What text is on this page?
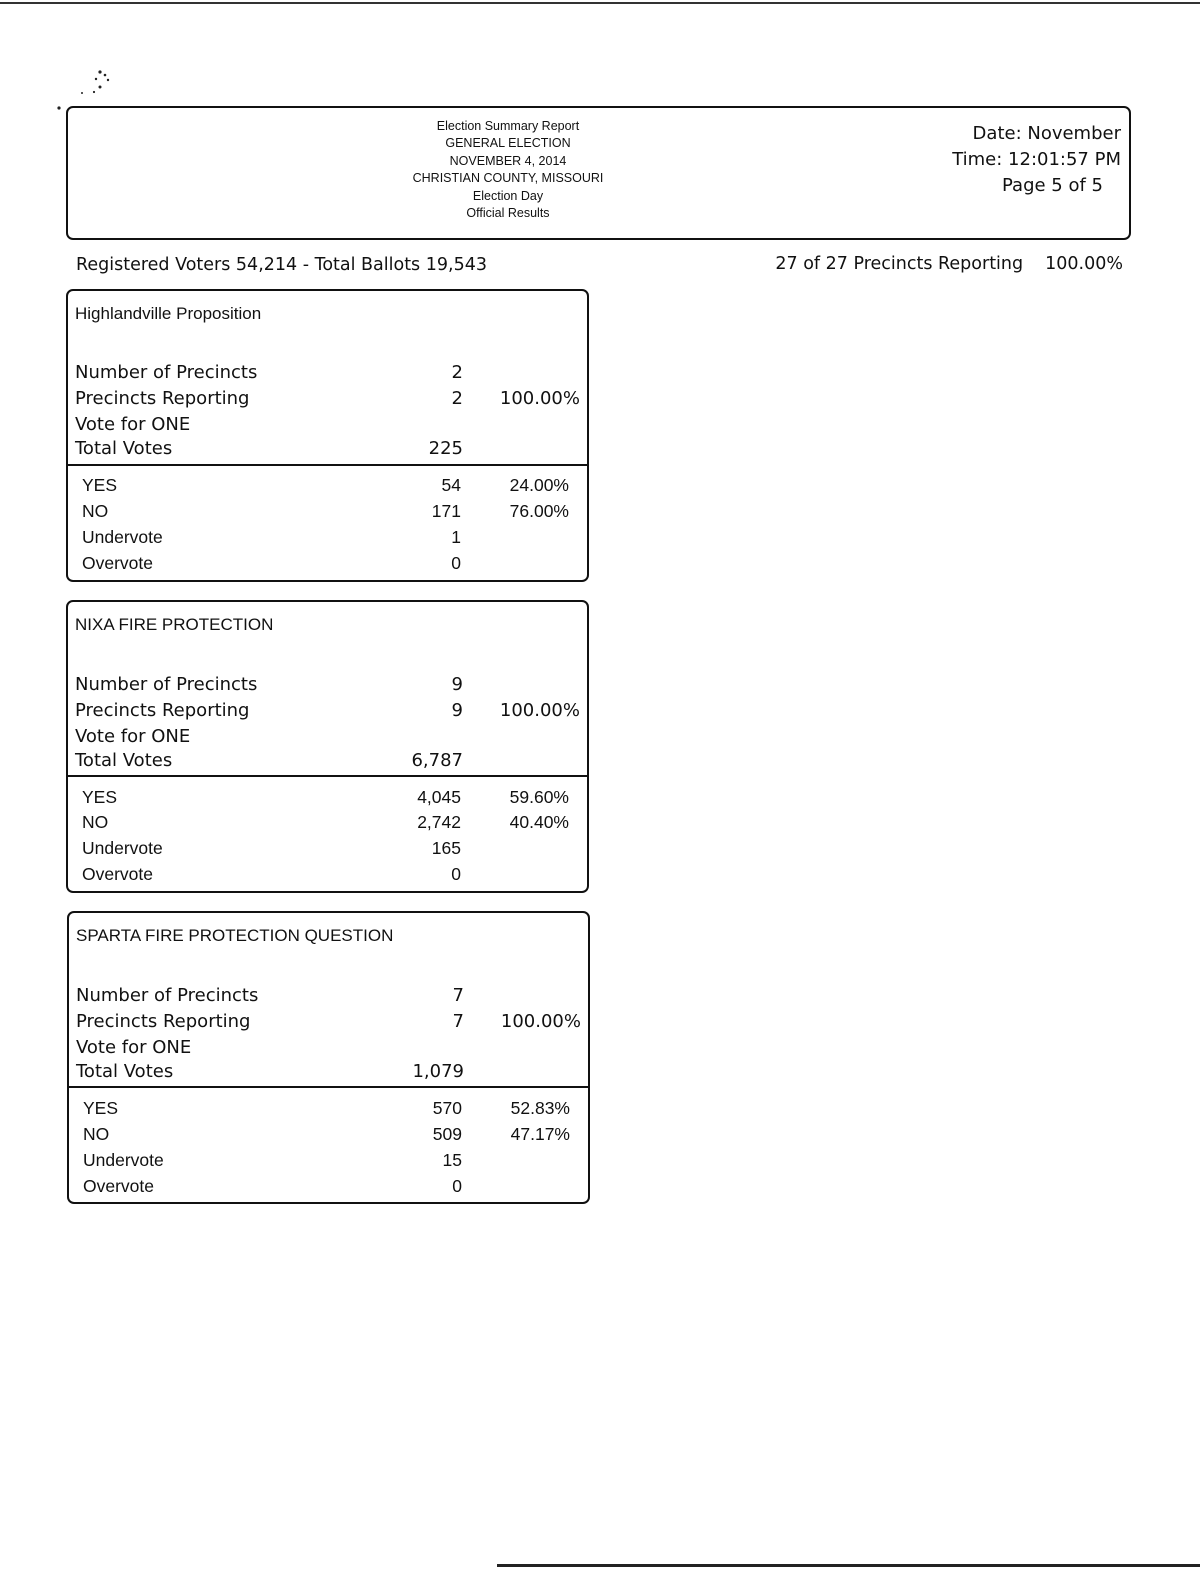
Election Summary Report
GENERAL ELECTION
NOVEMBER 4, 2014
CHRISTIAN COUNTY, MISSOURI
Election Day
Official Results
Date: November
Time: 12:01:57 PM
Page 5 of 5
Registered Voters 54,214 - Total Ballots 19,543	27 of 27 Precincts Reporting 100.00%
Highlandville Proposition
Number of Precincts	2
Precincts Reporting	2 100.00%
Vote for ONE
Total Votes	225
YES	54	24.00%
NO	171	76.00%
Undervote	1
Overvote	0
NIXA FIRE PROTECTION
Number of Precincts	9
Precincts Reporting	9 100.00%
Vote for ONE
Total Votes	6,787
YES	4,045	59.60%
NO	2,742	40.40%
Undervote	165
Overvote	0
SPARTA FIRE PROTECTION QUESTION
Number of Precincts	7
Precincts Reporting	7 100.00%
Vote for ONE
Total Votes	1,079
YES	570	52.83%
NO	509	47.17%
Undervote	15
Overvote	0
